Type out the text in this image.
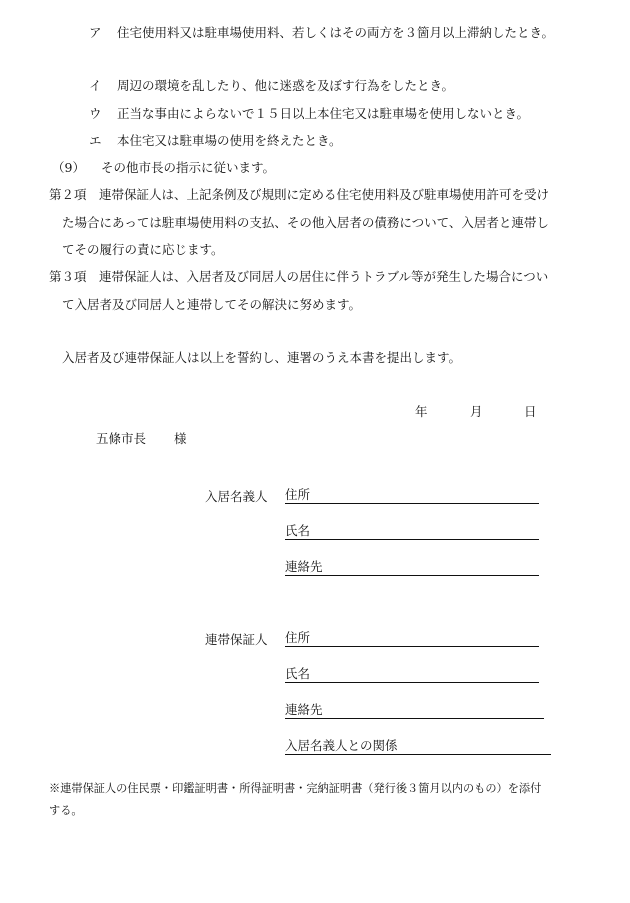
ア 住宅使用料又は駐車場使用料、若しくはその両方を３箇月以上滞納したとき。
イ 周辺の環境を乱したり、他に迷惑を及ぼす行為をしたとき。
ウ 正当な事由によらないで１５日以上本住宅又は駐車場を使用しないとき。
エ 本住宅又は駐車場の使用を終えたとき。
（9） その他市長の指示に従います。
第２項　連帯保証人は、上記条例及び規則に定める住宅使用料及び駐車場使用許可を受け
た場合にあっては駐車場使用料の支払、その他入居者の債務について、入居者と連帯し
てその履行の責に応じます。
第３項　連帯保証人は、入居者及び同居人の居住に伴うトラブル等が発生した場合につい
て入居者及び同居人と連帯してその解決に努めます。
入居者及び連帯保証人は以上を誓約し、連署のうえ本書を提出します。
年	月	日
五條市長 様
入居名義人 住所
氏名
連絡先
連帯保証人 住所
氏名
連絡先
入居名義人との関係
※連帯保証人の住民票・印鑑証明書・所得証明書・完納証明書（発行後３箇月以内のもの）を添付
する。
